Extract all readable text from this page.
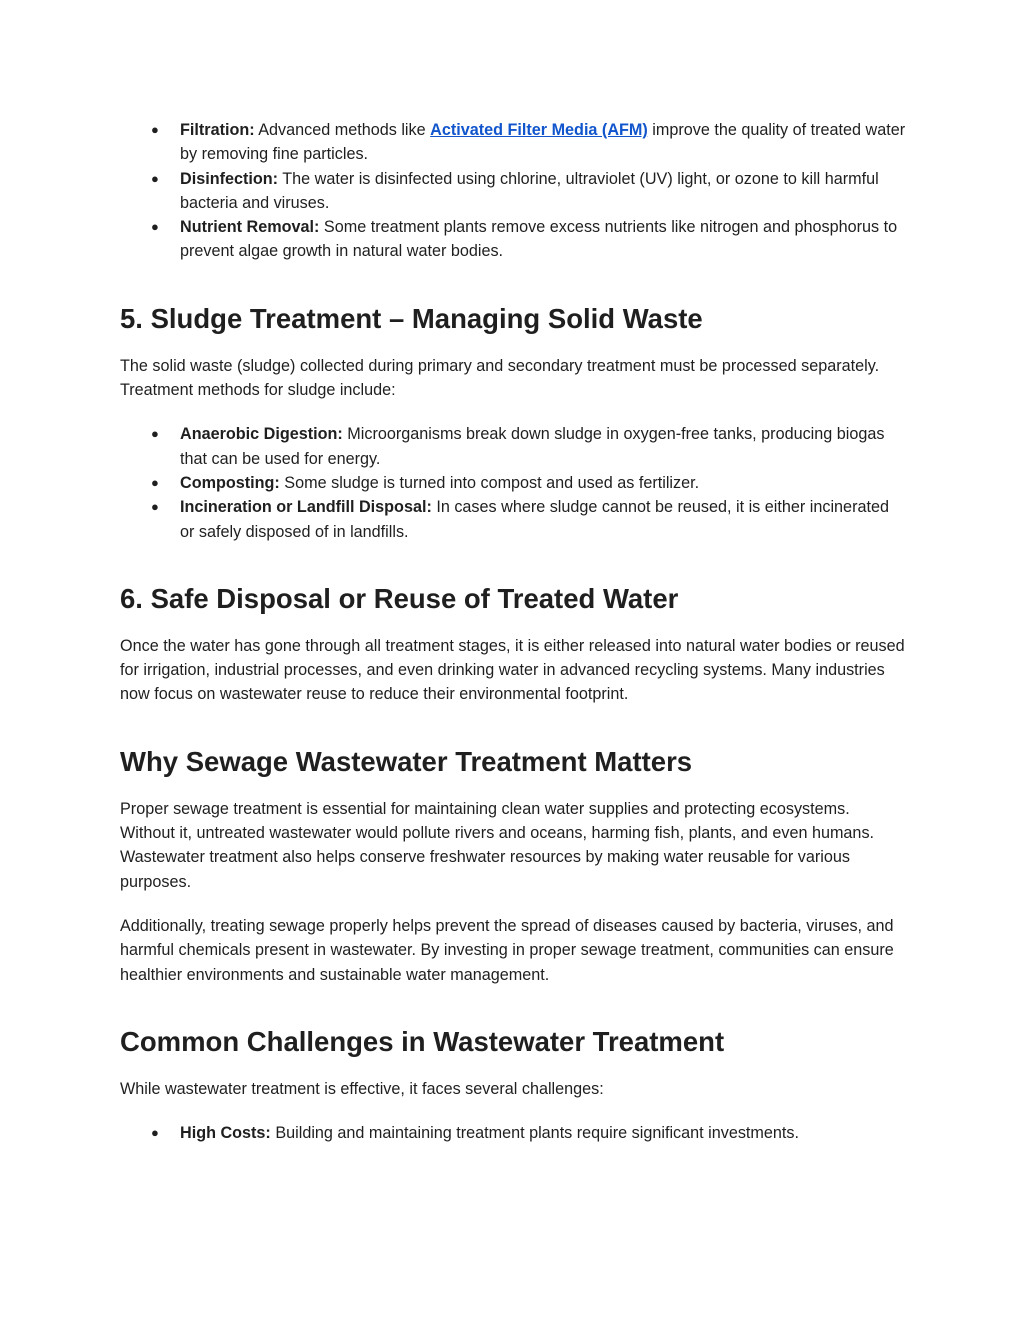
● Filtration: Advanced methods like Activated Filter Media (AFM) improve the quality of treated water by removing fine particles.
● Disinfection: The water is disinfected using chlorine, ultraviolet (UV) light, or ozone to kill harmful bacteria and viruses.
● Nutrient Removal: Some treatment plants remove excess nutrients like nitrogen and phosphorus to prevent algae growth in natural water bodies.
5. Sludge Treatment – Managing Solid Waste

The solid waste (sludge) collected during primary and secondary treatment must be processed separately. Treatment methods for sludge include:

● Anaerobic Digestion: Microorganisms break down sludge in oxygen-free tanks, producing biogas that can be used for energy.
● Composting: Some sludge is turned into compost and used as fertilizer.
● Incineration or Landfill Disposal: In cases where sludge cannot be reused, it is either incinerated or safely disposed of in landfills.
6. Safe Disposal or Reuse of Treated Water

Once the water has gone through all treatment stages, it is either released into natural water bodies or reused for irrigation, industrial processes, and even drinking water in advanced recycling systems. Many industries now focus on wastewater reuse to reduce their environmental footprint.

Why Sewage Wastewater Treatment Matters

Proper sewage treatment is essential for maintaining clean water supplies and protecting ecosystems. Without it, untreated wastewater would pollute rivers and oceans, harming fish, plants, and even humans. Wastewater treatment also helps conserve freshwater resources by making water reusable for various purposes.

Additionally, treating sewage properly helps prevent the spread of diseases caused by bacteria, viruses, and harmful chemicals present in wastewater. By investing in proper sewage treatment, communities can ensure healthier environments and sustainable water management.

Common Challenges in Wastewater Treatment

While wastewater treatment is effective, it faces several challenges:

● High Costs: Building and maintaining treatment plants require significant investments.
